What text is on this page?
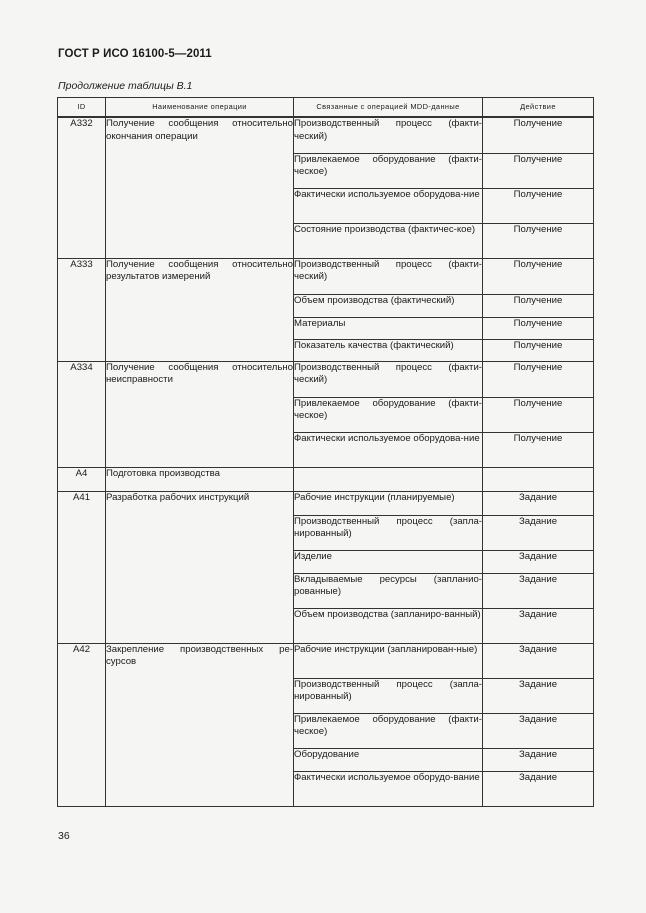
ГОСТ Р ИСО 16100-5—2011
Продолжение таблицы В.1
ID	Наименование операции	Связанные с операцией MDD-данные	Действие
A332	Получение сообщения относительно окончания операции	Производственный процесс (факти-ческий)	Получение
		Привлекаемое оборудование (факти-ческое)	Получение
		Фактически используемое оборудова-ние	Получение
		Состояние производства (фактичес-кое)	Получение
A333	Получение сообщения относительно результатов измерений	Производственный процесс (факти-ческий)	Получение
		Объем производства (фактический)	Получение
		Материалы	Получение
		Показатель качества (фактический)	Получение
A334	Получение сообщения относительно неисправности	Производственный процесс (факти-ческий)	Получение
		Привлекаемое оборудование (факти-ческое)	Получение
		Фактически используемое оборудова-ние	Получение
A4	Подготовка производства		
A41	Разработка рабочих инструкций	Рабочие инструкции (планируемые)	Задание
		Производственный процесс (запла-нированный)	Задание
		Изделие	Задание
		Вкладываемые ресурсы (запланио-рованные)	Задание
		Объем производства (запланиро-ванный)	Задание
A42	Закрепление производственных ре-сурсов	Рабочие инструкции (запланирован-ные)	Задание
		Производственный процесс (запла-нированный)	Задание
		Привлекаемое оборудование (факти-ческое)	Задание
		Оборудование	Задание
		Фактически используемое оборудо-вание	Задание
36
